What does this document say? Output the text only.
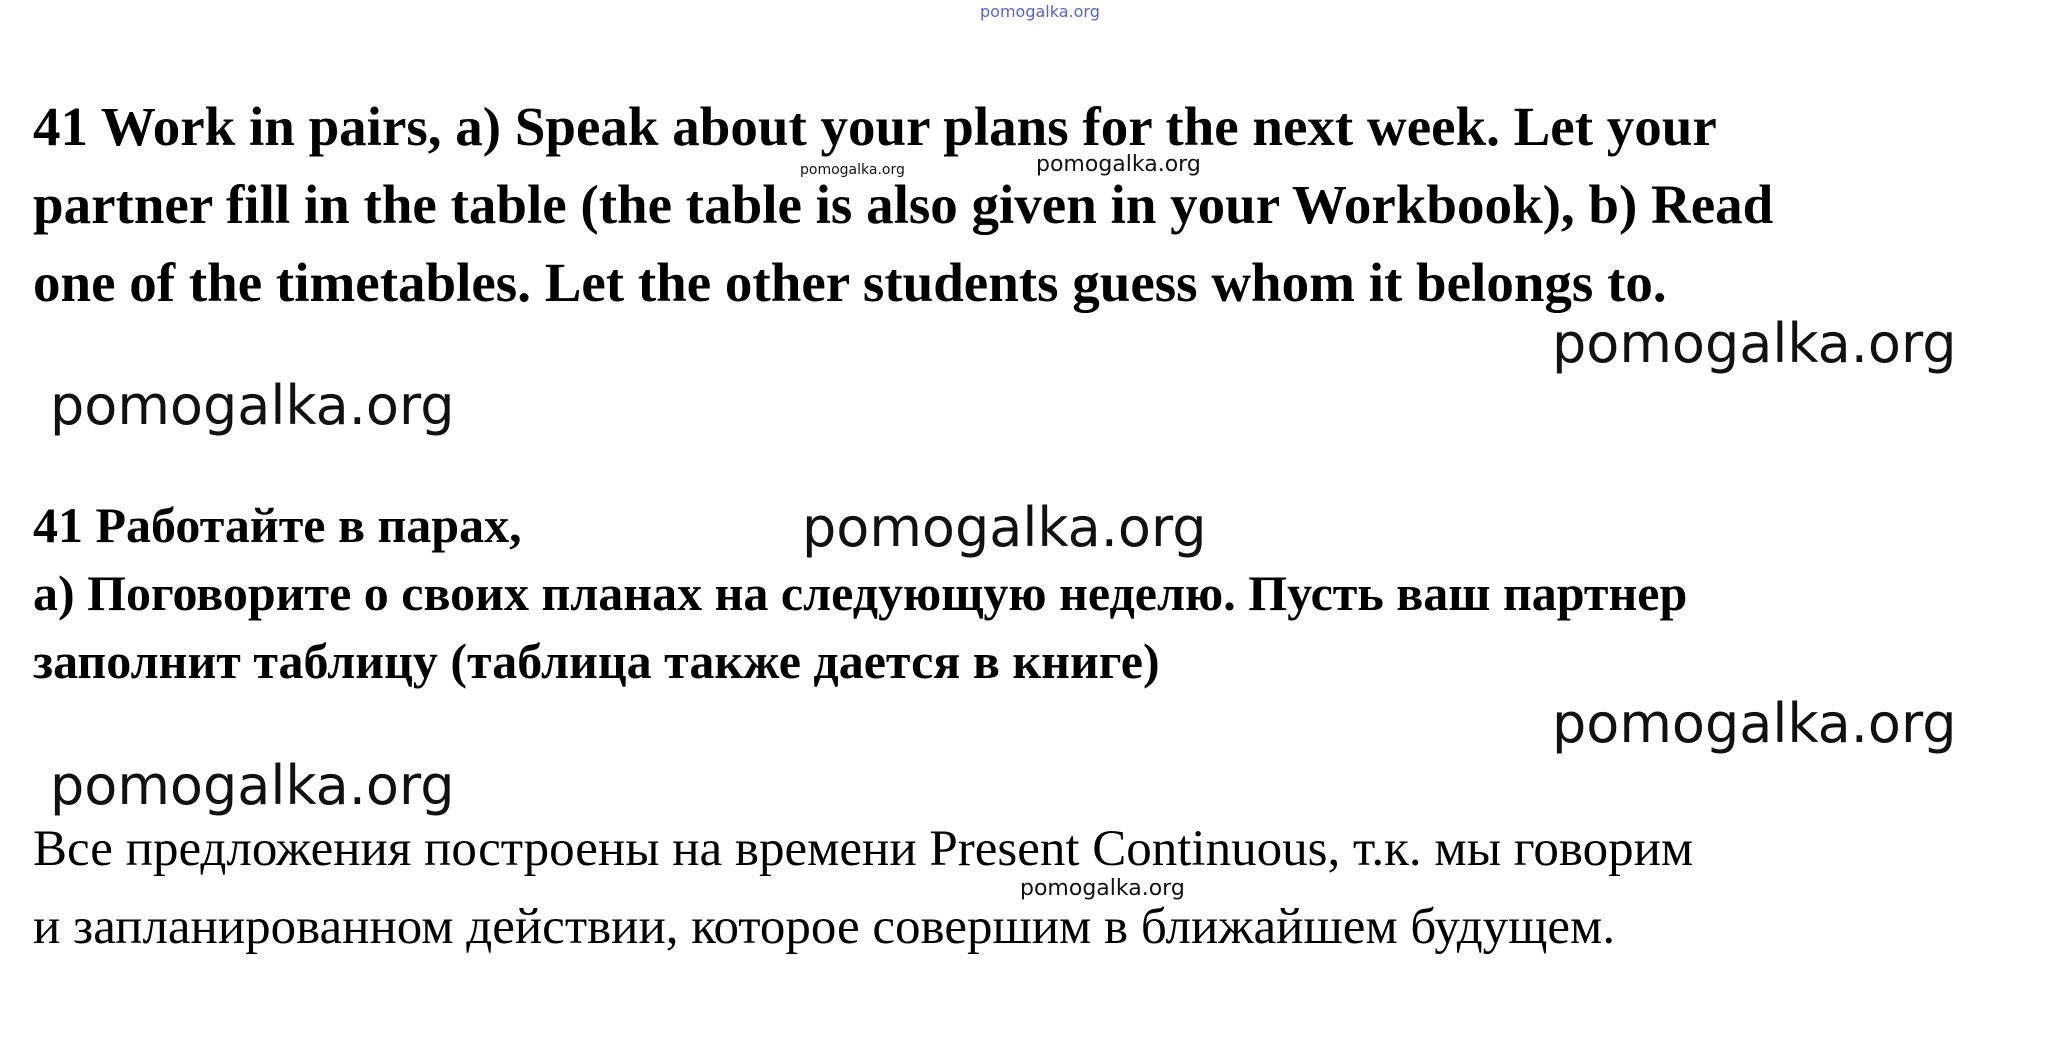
pomogalka.org
41 Work in pairs, a) Speak about your plans for the next week. Let your
partner fill in the table (the table is also given in your Workbook), b) Read
one of the timetables. Let the other students guess whom it belongs to.
41 Работайте в парах,
а) Поговорите о своих планах на следующую неделю. Пусть ваш партнер
заполнит таблицу (таблица также дается в книге)
Все предложения построены на времени Present Continuous, т.к. мы говорим
и запланированном действии, которое совершим в ближайшем будущем.
pomogalka.org	pomogalka.org
pomogalka.org
pomogalka.org
pomogalka.org
pomogalka.org
pomogalka.org
pomogalka.org
